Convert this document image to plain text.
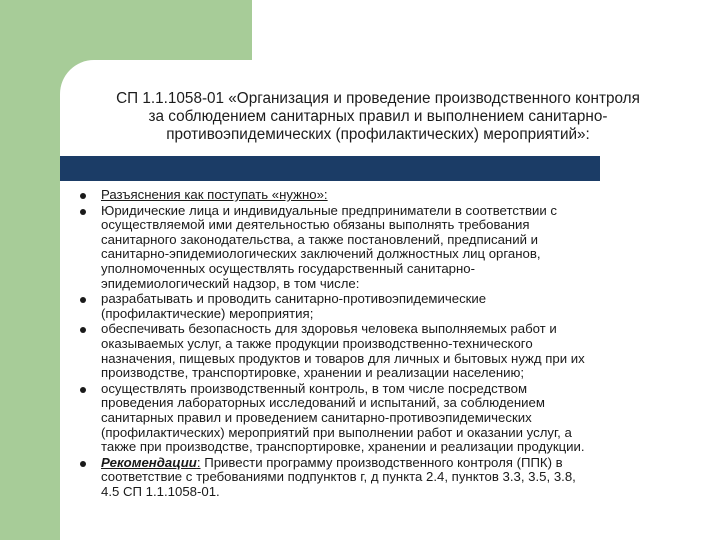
СП 1.1.1058-01 «Организация и проведение производственного контроля
за соблюдением санитарных правил и выполнением санитарно-
противоэпидемических (профилактических) мероприятий»:
Разъяснения как поступать «нужно»:
Юридические лица и индивидуальные предприниматели в соответствии с
осуществляемой ими деятельностью обязаны выполнять требования
санитарного законодательства, а также постановлений, предписаний и
санитарно-эпидемиологических заключений должностных лиц органов,
уполномоченных осуществлять государственный санитарно-
эпидемиологический надзор, в том числе:
разрабатывать и проводить санитарно-противоэпидемические
(профилактические) мероприятия;
обеспечивать безопасность для здоровья человека выполняемых работ и
оказываемых услуг, а также продукции производственно-технического
назначения, пищевых продуктов и товаров для личных и бытовых нужд при их
производстве, транспортировке, хранении и реализации населению;
осуществлять производственный контроль, в том числе посредством
проведения лабораторных исследований и испытаний, за соблюдением
санитарных правил и проведением санитарно-противоэпидемических
(профилактических) мероприятий при выполнении работ и оказании услуг, а
также при производстве, транспортировке, хранении и реализации продукции.
Рекомендации: Привести программу производственного контроля (ППК) в
соответствие с требованиями подпунктов г, д пункта 2.4, пунктов 3.3, 3.5, 3.8,
4.5 СП 1.1.1058-01.
